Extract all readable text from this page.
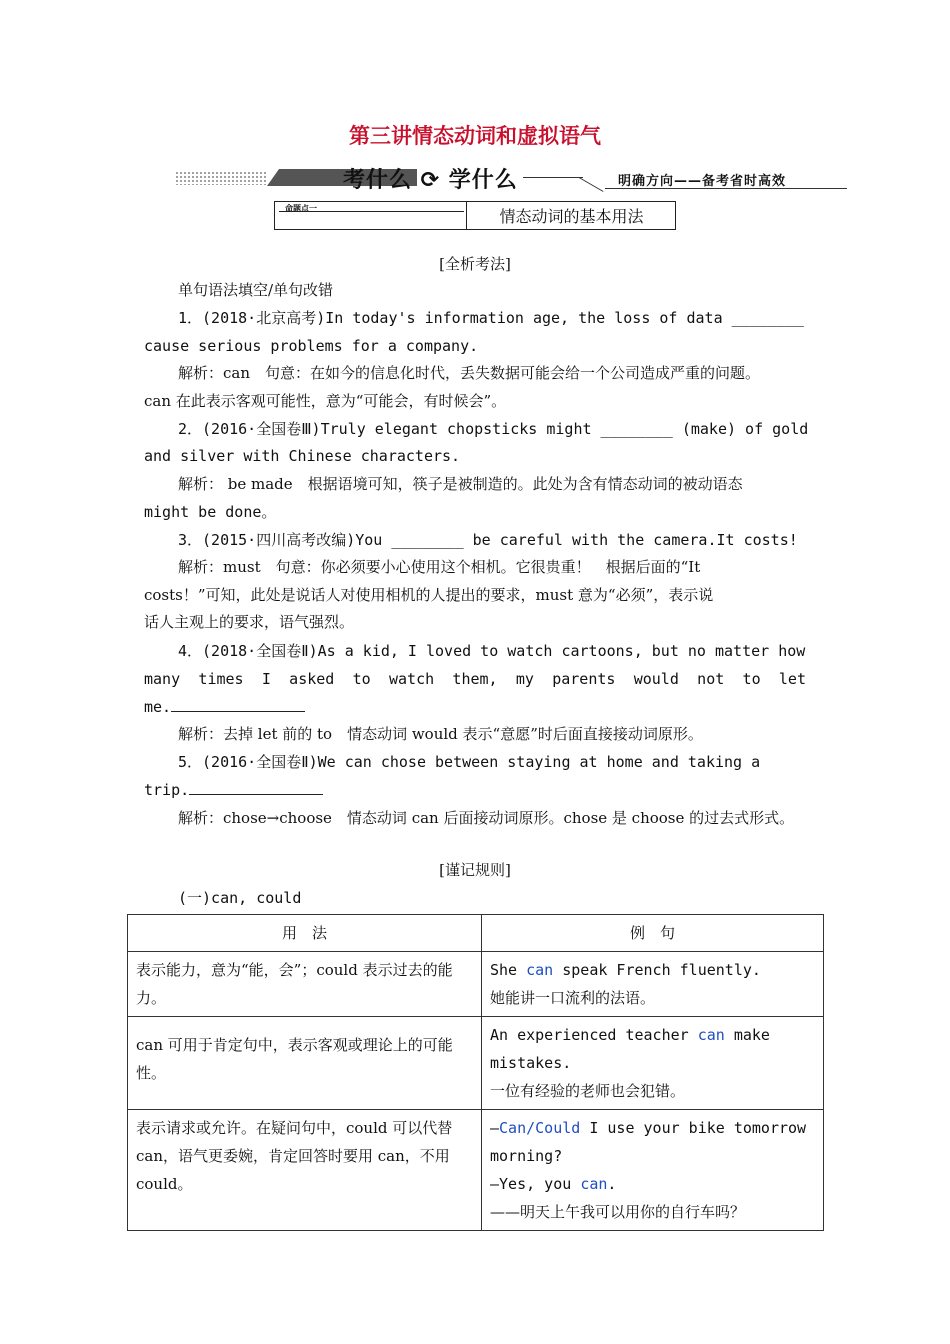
第三讲情态动词和虚拟语气
考什么 ⟳ 学什么	明确方向——备考省时高效
命题点一	情态动词的基本用法
[全析考法]
单句语法填空/单句改错
1．(2018·北京高考)In today's information age, the loss of data ________
cause serious problems for a company.
解析：can　句意：在如今的信息化时代，丢失数据可能会给一个公司造成严重的问题。
can 在此表示客观可能性，意为“可能会，有时候会”。
2．(2016·全国卷Ⅲ)Truly elegant chopsticks might ________ (make) of gold
and silver with Chinese characters.
解析： be made　根据语境可知，筷子是被制造的。此处为含有情态动词的被动语态
might be done。
3．(2015·四川高考改编)You ________ be careful with the camera.It costs!
解析：must　句意：你必须要小心使用这个相机。它很贵重！　根据后面的“It
costs！”可知，此处是说话人对使用相机的人提出的要求，must 意为“必须”，表示说
话人主观上的要求，语气强烈。
4．(2018·全国卷Ⅱ)As a kid, I loved to watch cartoons, but no matter how
many times I asked to watch them, my parents would not to let
me.
解析：去掉 let 前的 to　情态动词 would 表示“意愿”时后面直接接动词原形。
5．(2016·全国卷Ⅱ)We can chose between staying at home and taking a
trip.
解析：chose→choose　情态动词 can 后面接动词原形。chose 是 choose 的过去式形式。
[谨记规则]
(一)can, could
用　法	例　句
表示能力，意为“能，会”；could 表示过去的能力。	She can speak French fluently.
她能讲一口流利的法语。

can 可用于肯定句中，表示客观或理论上的可能性。	An experienced teacher can make mistakes.
一位有经验的老师也会犯错。

表示请求或允许。在疑问句中，could 可以代替 can，语气更委婉，肯定回答时要用 can，不用 could。	—Can/Could I use your bike tomorrow morning?
—Yes, you can.
——明天上午我可以用你的自行车吗？
